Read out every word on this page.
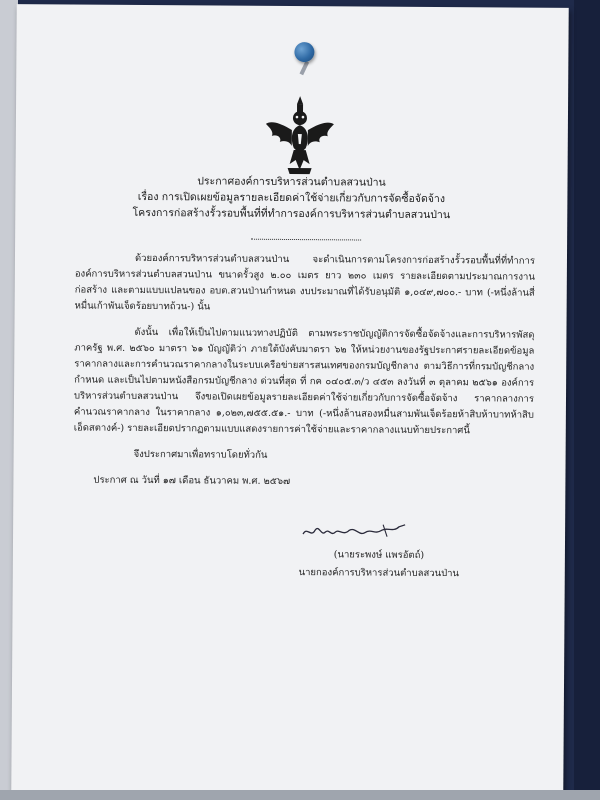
ประกาศองค์การบริหารส่วนตำบลสวนป่าน
เรื่อง การเปิดเผยข้อมูลรายละเอียดค่าใช้จ่ายเกี่ยวกับการจัดซื้อจัดจ้าง
โครงการก่อสร้างรั้วรอบพื้นที่ที่ทำการองค์การบริหารส่วนตำบลสวนป่าน

ด้วยองค์การบริหารส่วนตำบลสวนป่าน จะดำเนินการตามโครงการก่อสร้างรั้วรอบพื้นที่ที่ทำการองค์การบริหารส่วนตำบลสวนป่าน ขนาดรั้วสูง ๒.๐๐ เมตร ยาว ๒๓๐ เมตร รายละเอียดตามประมาณการงานก่อสร้าง และตามแบบแปลนของ อบต.สวนป่านกำหนด งบประมาณที่ได้รับอนุมัติ ๑,๐๔๙,๗๐๐.- บาท (-หนึ่งล้านสี่หมื่นเก้าพันเจ็ดร้อยบาทถ้วน-) นั้น

ดังนั้น เพื่อให้เป็นไปตามแนวทางปฏิบัติ ตามพระราชบัญญัติการจัดซื้อจัดจ้างและการบริหารพัสดุภาครัฐ พ.ศ. ๒๕๖๐ มาตรา ๖๑ บัญญัติว่า ภายใต้บังคับมาตรา ๖๒ ให้หน่วยงานของรัฐประกาศรายละเอียดข้อมูลราคากลางและการคำนวณราคากลางในระบบเครือข่ายสารสนเทศของกรมบัญชีกลาง ตามวิธีการที่กรมบัญชีกลางกำหนด และเป็นไปตามหนังสือกรมบัญชีกลาง ด่วนที่สุด ที่ กค ๐๔๐๕.๓/ว ๔๕๓ ลงวันที่ ๓ ตุลาคม ๒๕๖๑ องค์การบริหารส่วนตำบลสวนป่าน จึงขอเปิดเผยข้อมูลรายละเอียดค่าใช้จ่ายเกี่ยวกับการจัดซื้อจัดจ้าง ราคากลางการคำนวณราคากลาง ในราคากลาง ๑,๐๒๓,๗๕๕.๕๑.- บาท (-หนึ่งล้านสองหมื่นสามพันเจ็ดร้อยห้าสิบห้าบาทห้าสิบเอ็ดสตางค์-) รายละเอียดปรากฏตามแบบแสดงรายการค่าใช้จ่ายและราคากลางแนบท้ายประกาศนี้

จึงประกาศมาเพื่อทราบโดยทั่วกัน

ประกาศ ณ วันที่ ๑๗ เดือน ธันวาคม พ.ศ. ๒๕๖๗

(นายระพงษ์ แพรอัตถ์)
นายกองค์การบริหารส่วนตำบลสวนป่าน
